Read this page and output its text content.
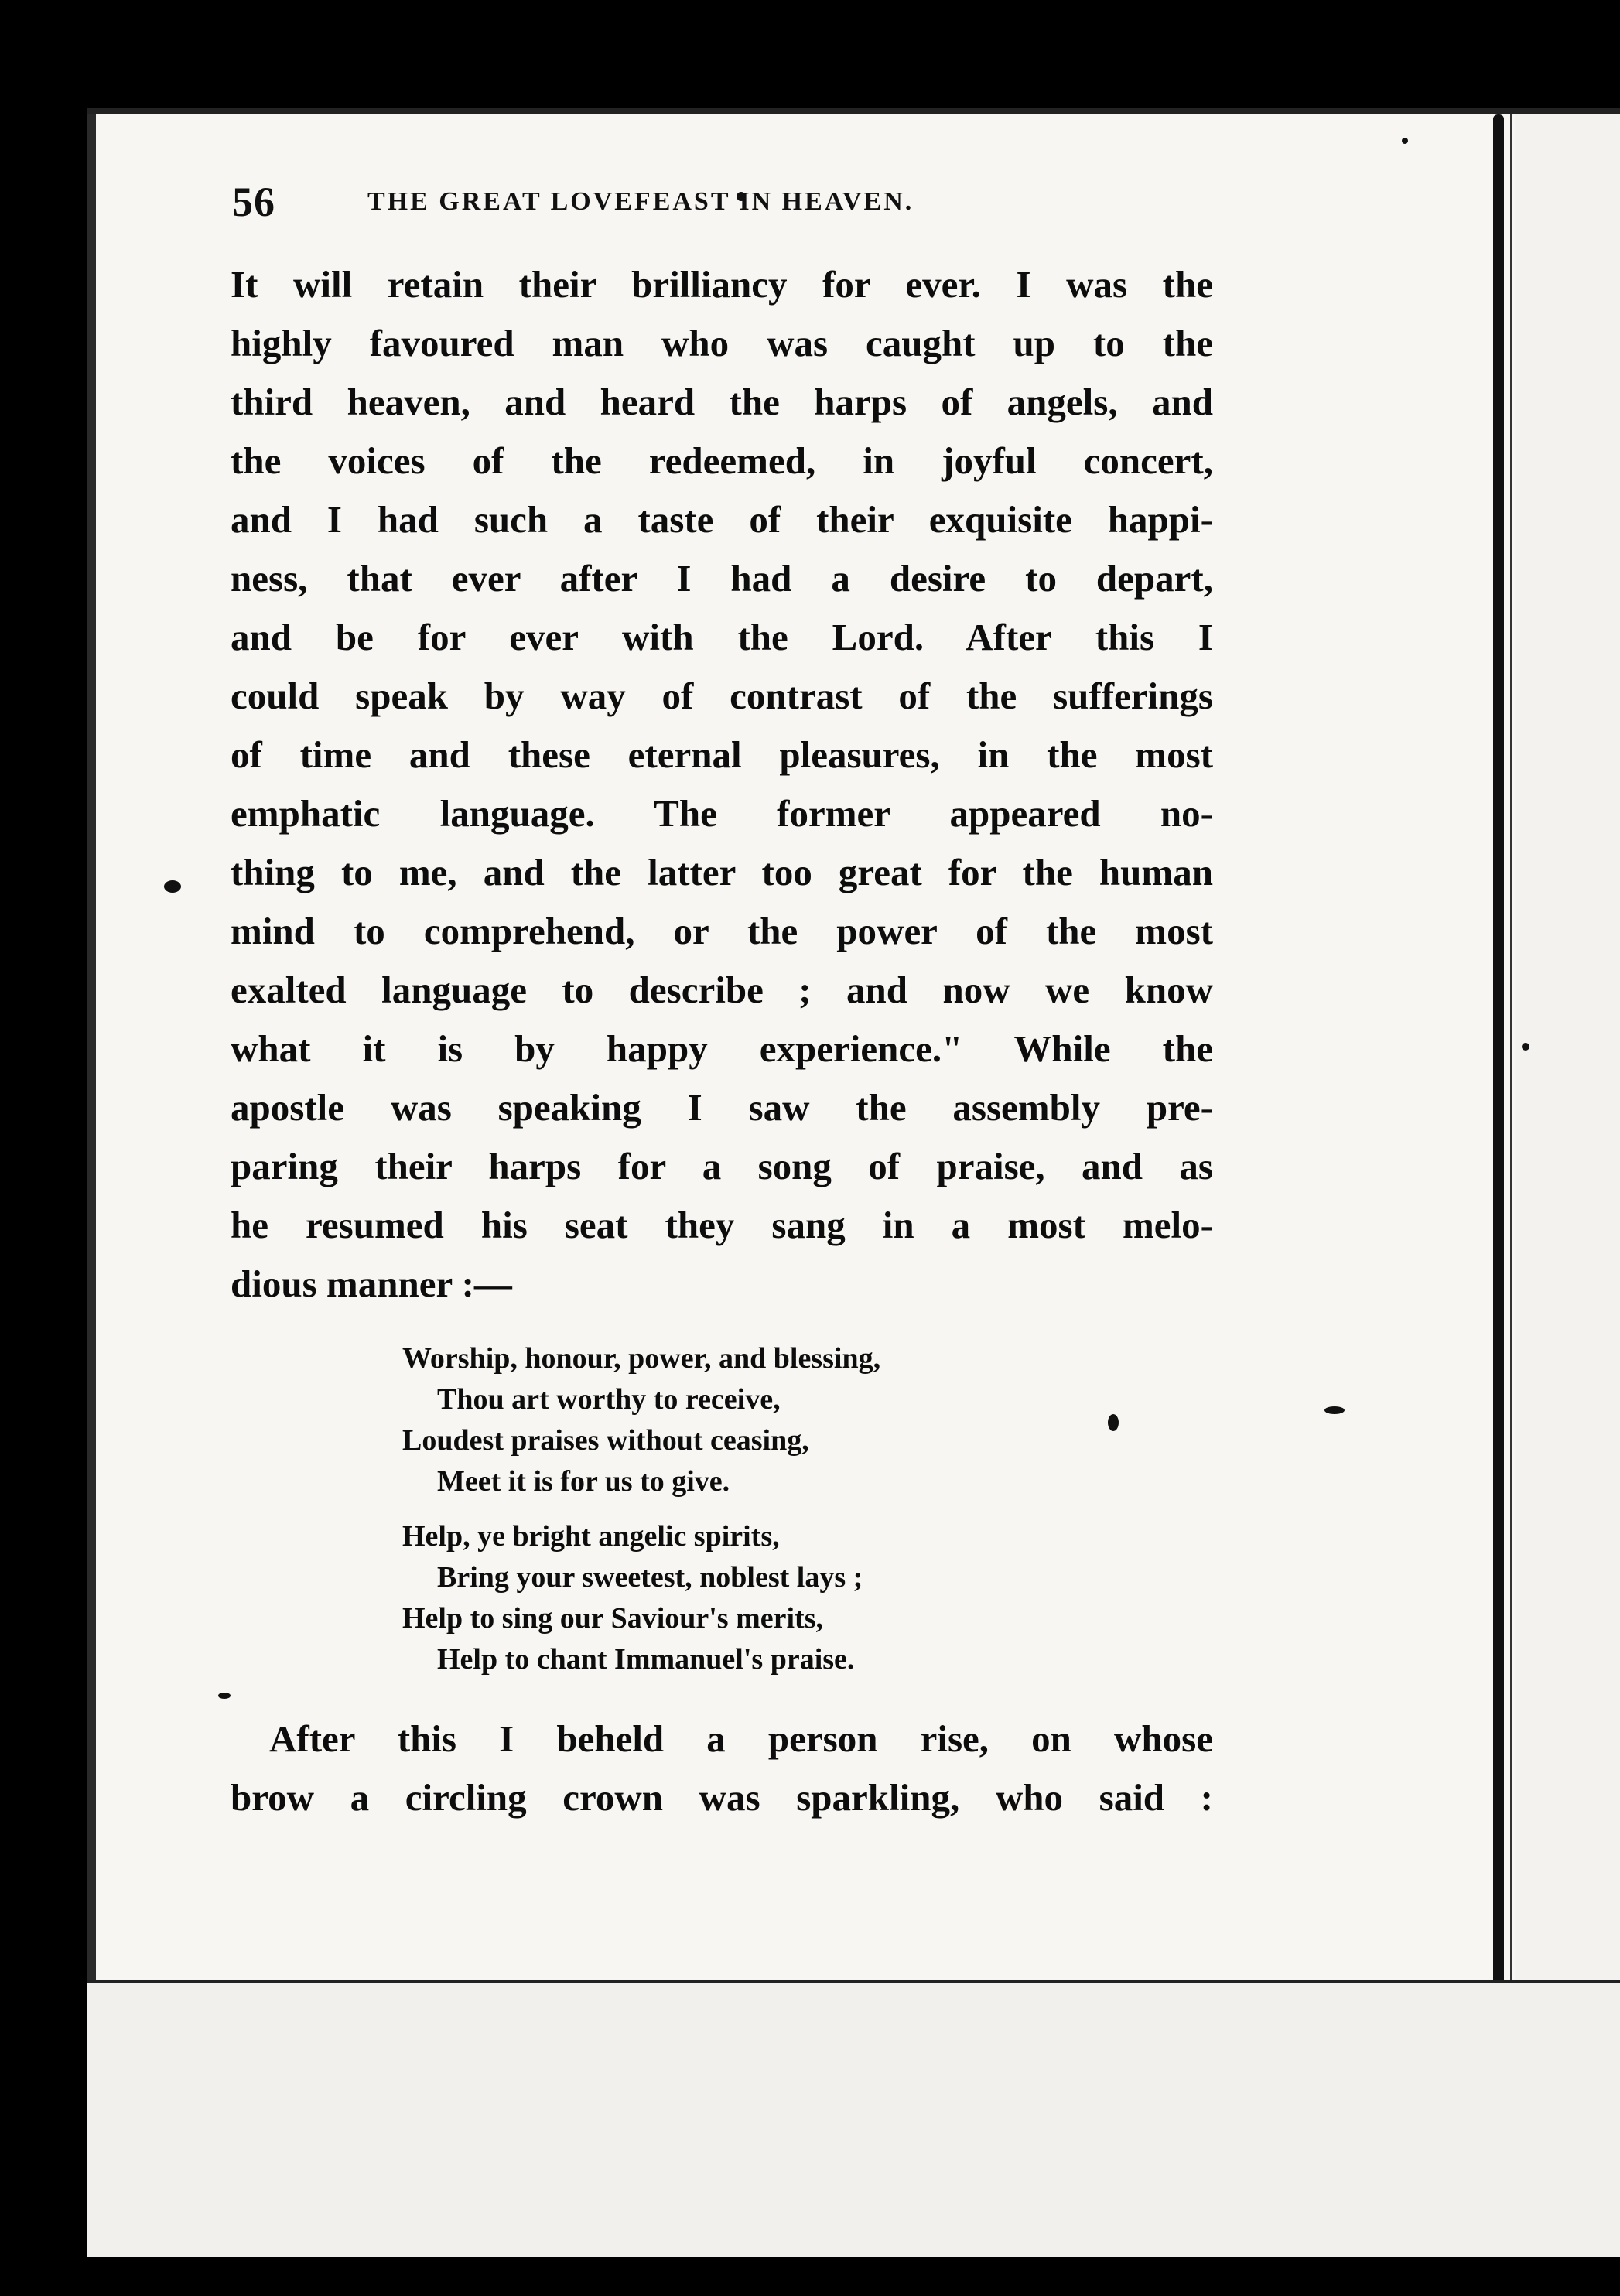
56	THE GREAT LOVEFEAST IN HEAVEN.
It will retain their brilliancy for ever. I was the
highly favoured man who was caught up to the
third heaven, and heard the harps of angels, and
the voices of the redeemed, in joyful concert,
and I had such a taste of their exquisite happi-
ness, that ever after I had a desire to depart,
and be for ever with the Lord. After this I
could speak by way of contrast of the sufferings
of time and these eternal pleasures, in the most
emphatic language. The former appeared no-
thing to me, and the latter too great for the human
mind to comprehend, or the power of the most
exalted language to describe ; and now we know
what it is by happy experience." While the
apostle was speaking I saw the assembly pre-
paring their harps for a song of praise, and as
he resumed his seat they sang in a most melo-
dious manner :—
Worship, honour, power, and blessing,
Thou art worthy to receive,
Loudest praises without ceasing,
Meet it is for us to give.
Help, ye bright angelic spirits,
Bring your sweetest, noblest lays ;
Help to sing our Saviour's merits,
Help to chant Immanuel's praise.
After this I beheld a person rise, on whose
brow a circling crown was sparkling, who said :
